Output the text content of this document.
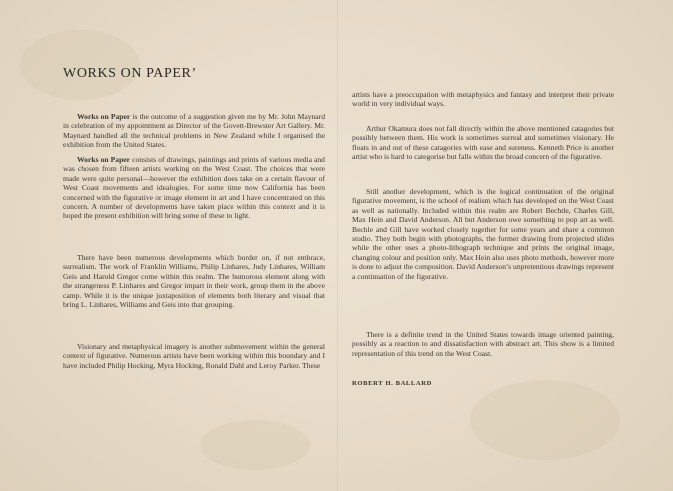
WORKS ON PAPER’

Works on Paper is the outcome of a suggestion given me by Mr. John Maynard in celebration of my appointment as Director of the Govett-Brewster Art Gallery. Mr. Maynard handled all the technical problems in New Zealand while I organised the exhibition from the United States.

Works on Paper consists of drawings, paintings and prints of various media and was chosen from fifteen artists working on the West Coast. The choices that were made were quite personal—however the exhibition does take on a certain flavour of West Coast movements and idealogies. For some time now California has been concerned with the figurative or image element in art and I have concentrated on this concern. A number of developments have taken place within this context and it is hoped the present exhibition will bring some of these to light.

There have been numerous developments which border on, if not embrace, surrealism. The work of Franklin Williams, Philip Linhares, Judy Linhares, William Geis and Harold Gregor come within this realm. The humorous element along with the strangeness P. Linhares and Gregor impart in their work, group them in the above camp. While it is the unique juxtaposition of elements both literary and visual that bring L. Linhares, Williams and Geis into that grouping.

Visionary and metaphysical imagery is another submovement within the general context of figurative. Numerous artists have been working within this boundary and I have included Philip Hocking, Myra Hocking, Ronald Dahl and Leroy Parker. These

artists have a preoccupation with metaphysics and fantasy and interpret their private world in very individual ways.

Arthur Okamura does not fall directly within the above mentioned catagories but possibly between them. His work is sometimes surreal and sometimes visionary. He floats in and out of these catagories with ease and sureness. Kenneth Price is another artist who is hard to categorise but falls within the broad concern of the figurative.

Still another development, which is the logical continuation of the original figurative movement, is the school of realism which has developed on the West Coast as well as nationally. Included within this realm are Robert Bechtle, Charles Gill, Max Hein and David Anderson. All but Anderson owe something to pop art as well. Bechle and Gill have worked closely together for some years and share a common studio. They both begin with photographs, the former drawing from projected slides while the other uses a photo-lithograph technique and prints the original image, changing colour and position only. Max Hein also uses photo methods, however more is done to adjust the composition. David Anderson’s unpretentious drawings represent a continuation of the figurative.

There is a definite trend in the United States towards image oriented painting, possibly as a reaction to and dissatisfaction with abstract art. This show is a limited representation of this trend on the West Coast.

ROBERT H. BALLARD
